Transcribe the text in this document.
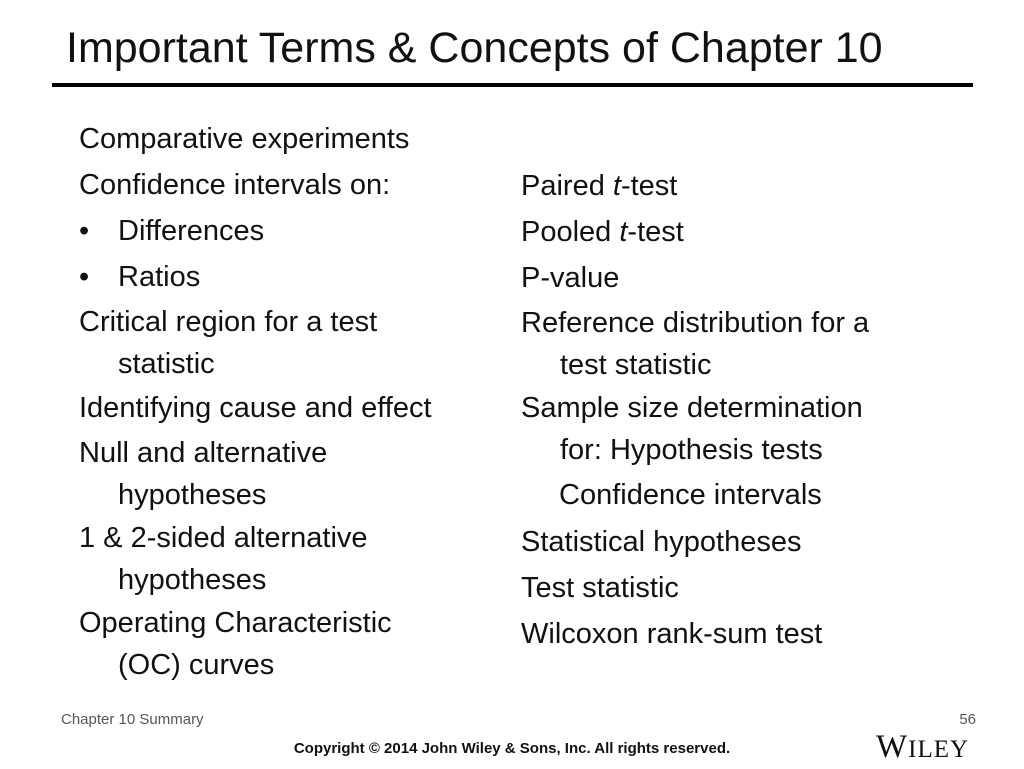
Important Terms & Concepts of Chapter 10
Comparative experiments
Confidence intervals on:
• Differences
• Ratios
Critical region for a test
statistic
Identifying cause and effect
Null and alternative
hypotheses
1 & 2-sided alternative
hypotheses
Operating Characteristic
(OC) curves
Paired t-test
Pooled t-test
P-value
Reference distribution for a
test statistic
Sample size determination
for: Hypothesis tests
Confidence intervals
Statistical hypotheses
Test statistic
Wilcoxon rank-sum test
Chapter 10 Summary	56
Copyright © 2014 John Wiley & Sons, Inc. All rights reserved.	WILEY
